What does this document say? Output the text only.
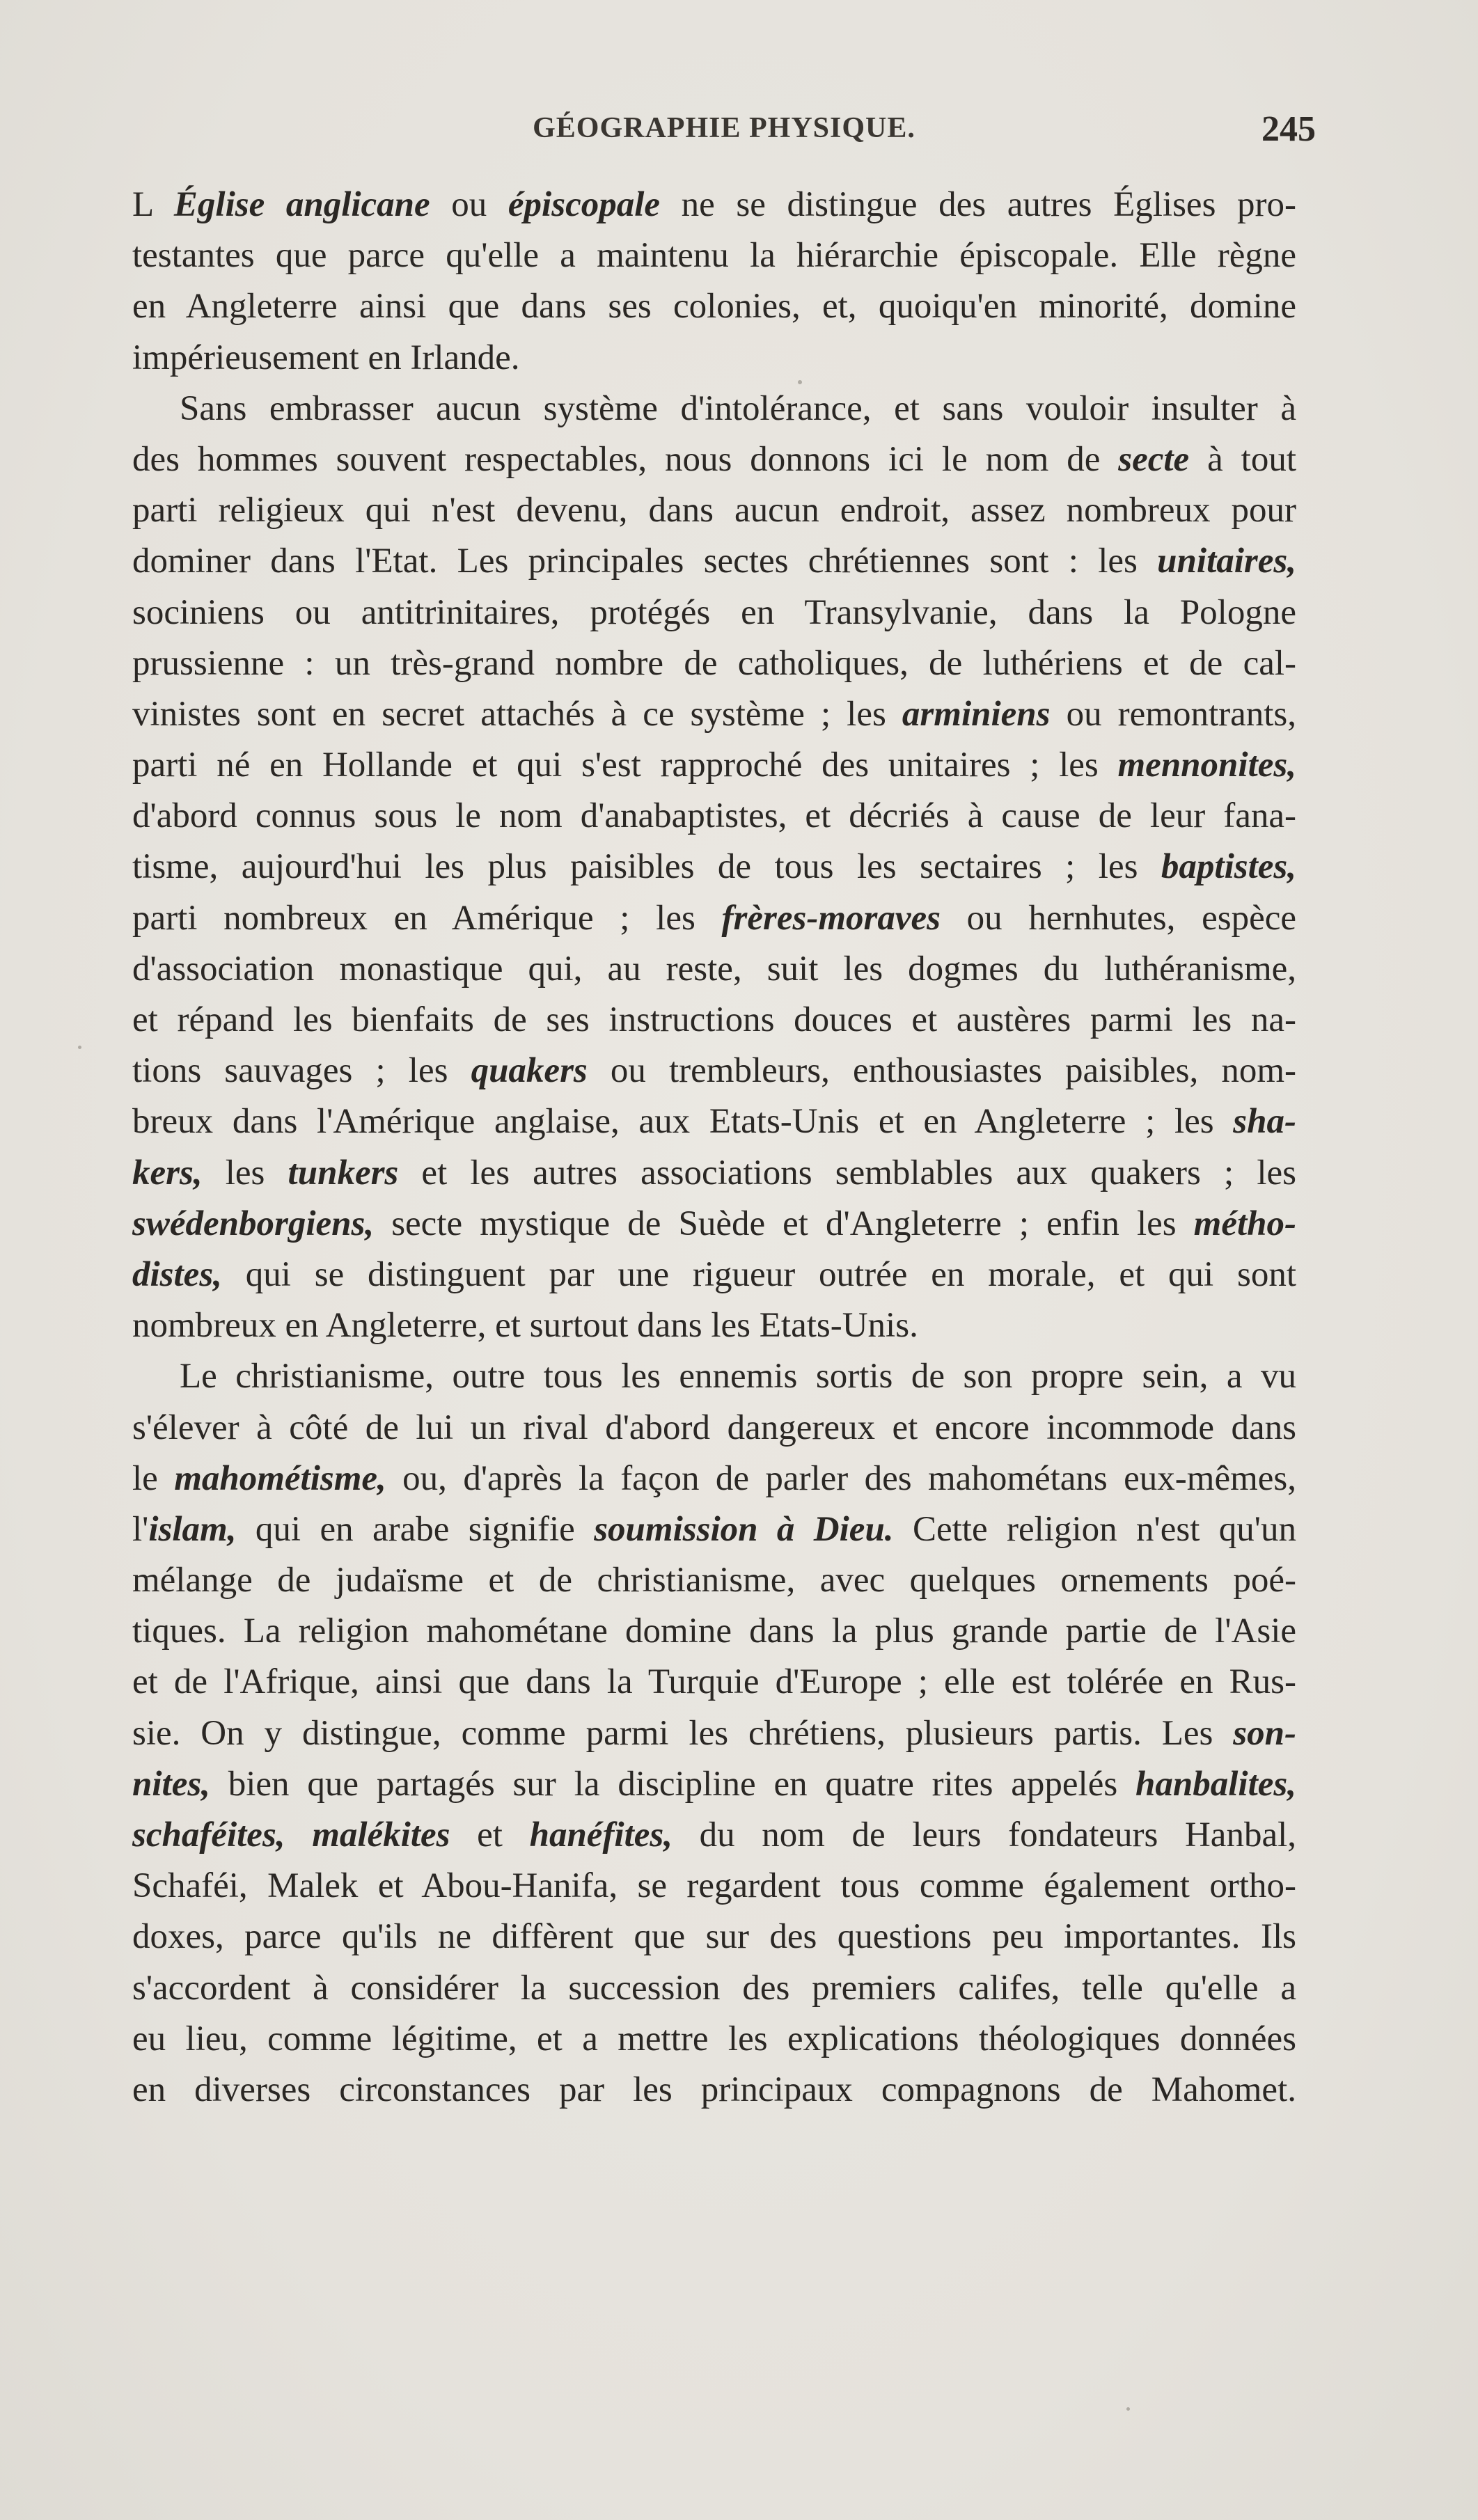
GÉOGRAPHIE PHYSIQUE.	245
L Église anglicane ou épiscopale ne se distingue des autres Églises pro-
testantes que parce qu'elle a maintenu la hiérarchie épiscopale. Elle règne
en Angleterre ainsi que dans ses colonies, et, quoiqu'en minorité, domine
impérieusement en Irlande.
Sans embrasser aucun système d'intolérance, et sans vouloir insulter à
des hommes souvent respectables, nous donnons ici le nom de secte à tout
parti religieux qui n'est devenu, dans aucun endroit, assez nombreux pour
dominer dans l'Etat. Les principales sectes chrétiennes sont : les unitaires,
sociniens ou antitrinitaires, protégés en Transylvanie, dans la Pologne
prussienne : un très-grand nombre de catholiques, de luthériens et de cal-
vinistes sont en secret attachés à ce système ; les arminiens ou remontrants,
parti né en Hollande et qui s'est rapproché des unitaires ; les mennonites,
d'abord connus sous le nom d'anabaptistes, et décriés à cause de leur fana-
tisme, aujourd'hui les plus paisibles de tous les sectaires ; les baptistes,
parti nombreux en Amérique ; les frères-moraves ou hernhutes, espèce
d'association monastique qui, au reste, suit les dogmes du luthéranisme,
et répand les bienfaits de ses instructions douces et austères parmi les na-
tions sauvages ; les quakers ou trembleurs, enthousiastes paisibles, nom-
breux dans l'Amérique anglaise, aux Etats-Unis et en Angleterre ; les sha-
kers, les tunkers et les autres associations semblables aux quakers ; les
swédenborgiens, secte mystique de Suède et d'Angleterre ; enfin les métho-
distes, qui se distinguent par une rigueur outrée en morale, et qui sont
nombreux en Angleterre, et surtout dans les Etats-Unis.
Le christianisme, outre tous les ennemis sortis de son propre sein, a vu
s'élever à côté de lui un rival d'abord dangereux et encore incommode dans
le mahométisme, ou, d'après la façon de parler des mahométans eux-mêmes,
l'islam, qui en arabe signifie soumission à Dieu. Cette religion n'est qu'un
mélange de judaïsme et de christianisme, avec quelques ornements poé-
tiques. La religion mahométane domine dans la plus grande partie de l'Asie
et de l'Afrique, ainsi que dans la Turquie d'Europe ; elle est tolérée en Rus-
sie. On y distingue, comme parmi les chrétiens, plusieurs partis. Les son-
nites, bien que partagés sur la discipline en quatre rites appelés hanbalites,
schaféites, malékites et hanéfites, du nom de leurs fondateurs Hanbal,
Schaféi, Malek et Abou-Hanifa, se regardent tous comme également ortho-
doxes, parce qu'ils ne diffèrent que sur des questions peu importantes. Ils
s'accordent à considérer la succession des premiers califes, telle qu'elle a
eu lieu, comme légitime, et a mettre les explications théologiques données
en diverses circonstances par les principaux compagnons de Mahomet.
